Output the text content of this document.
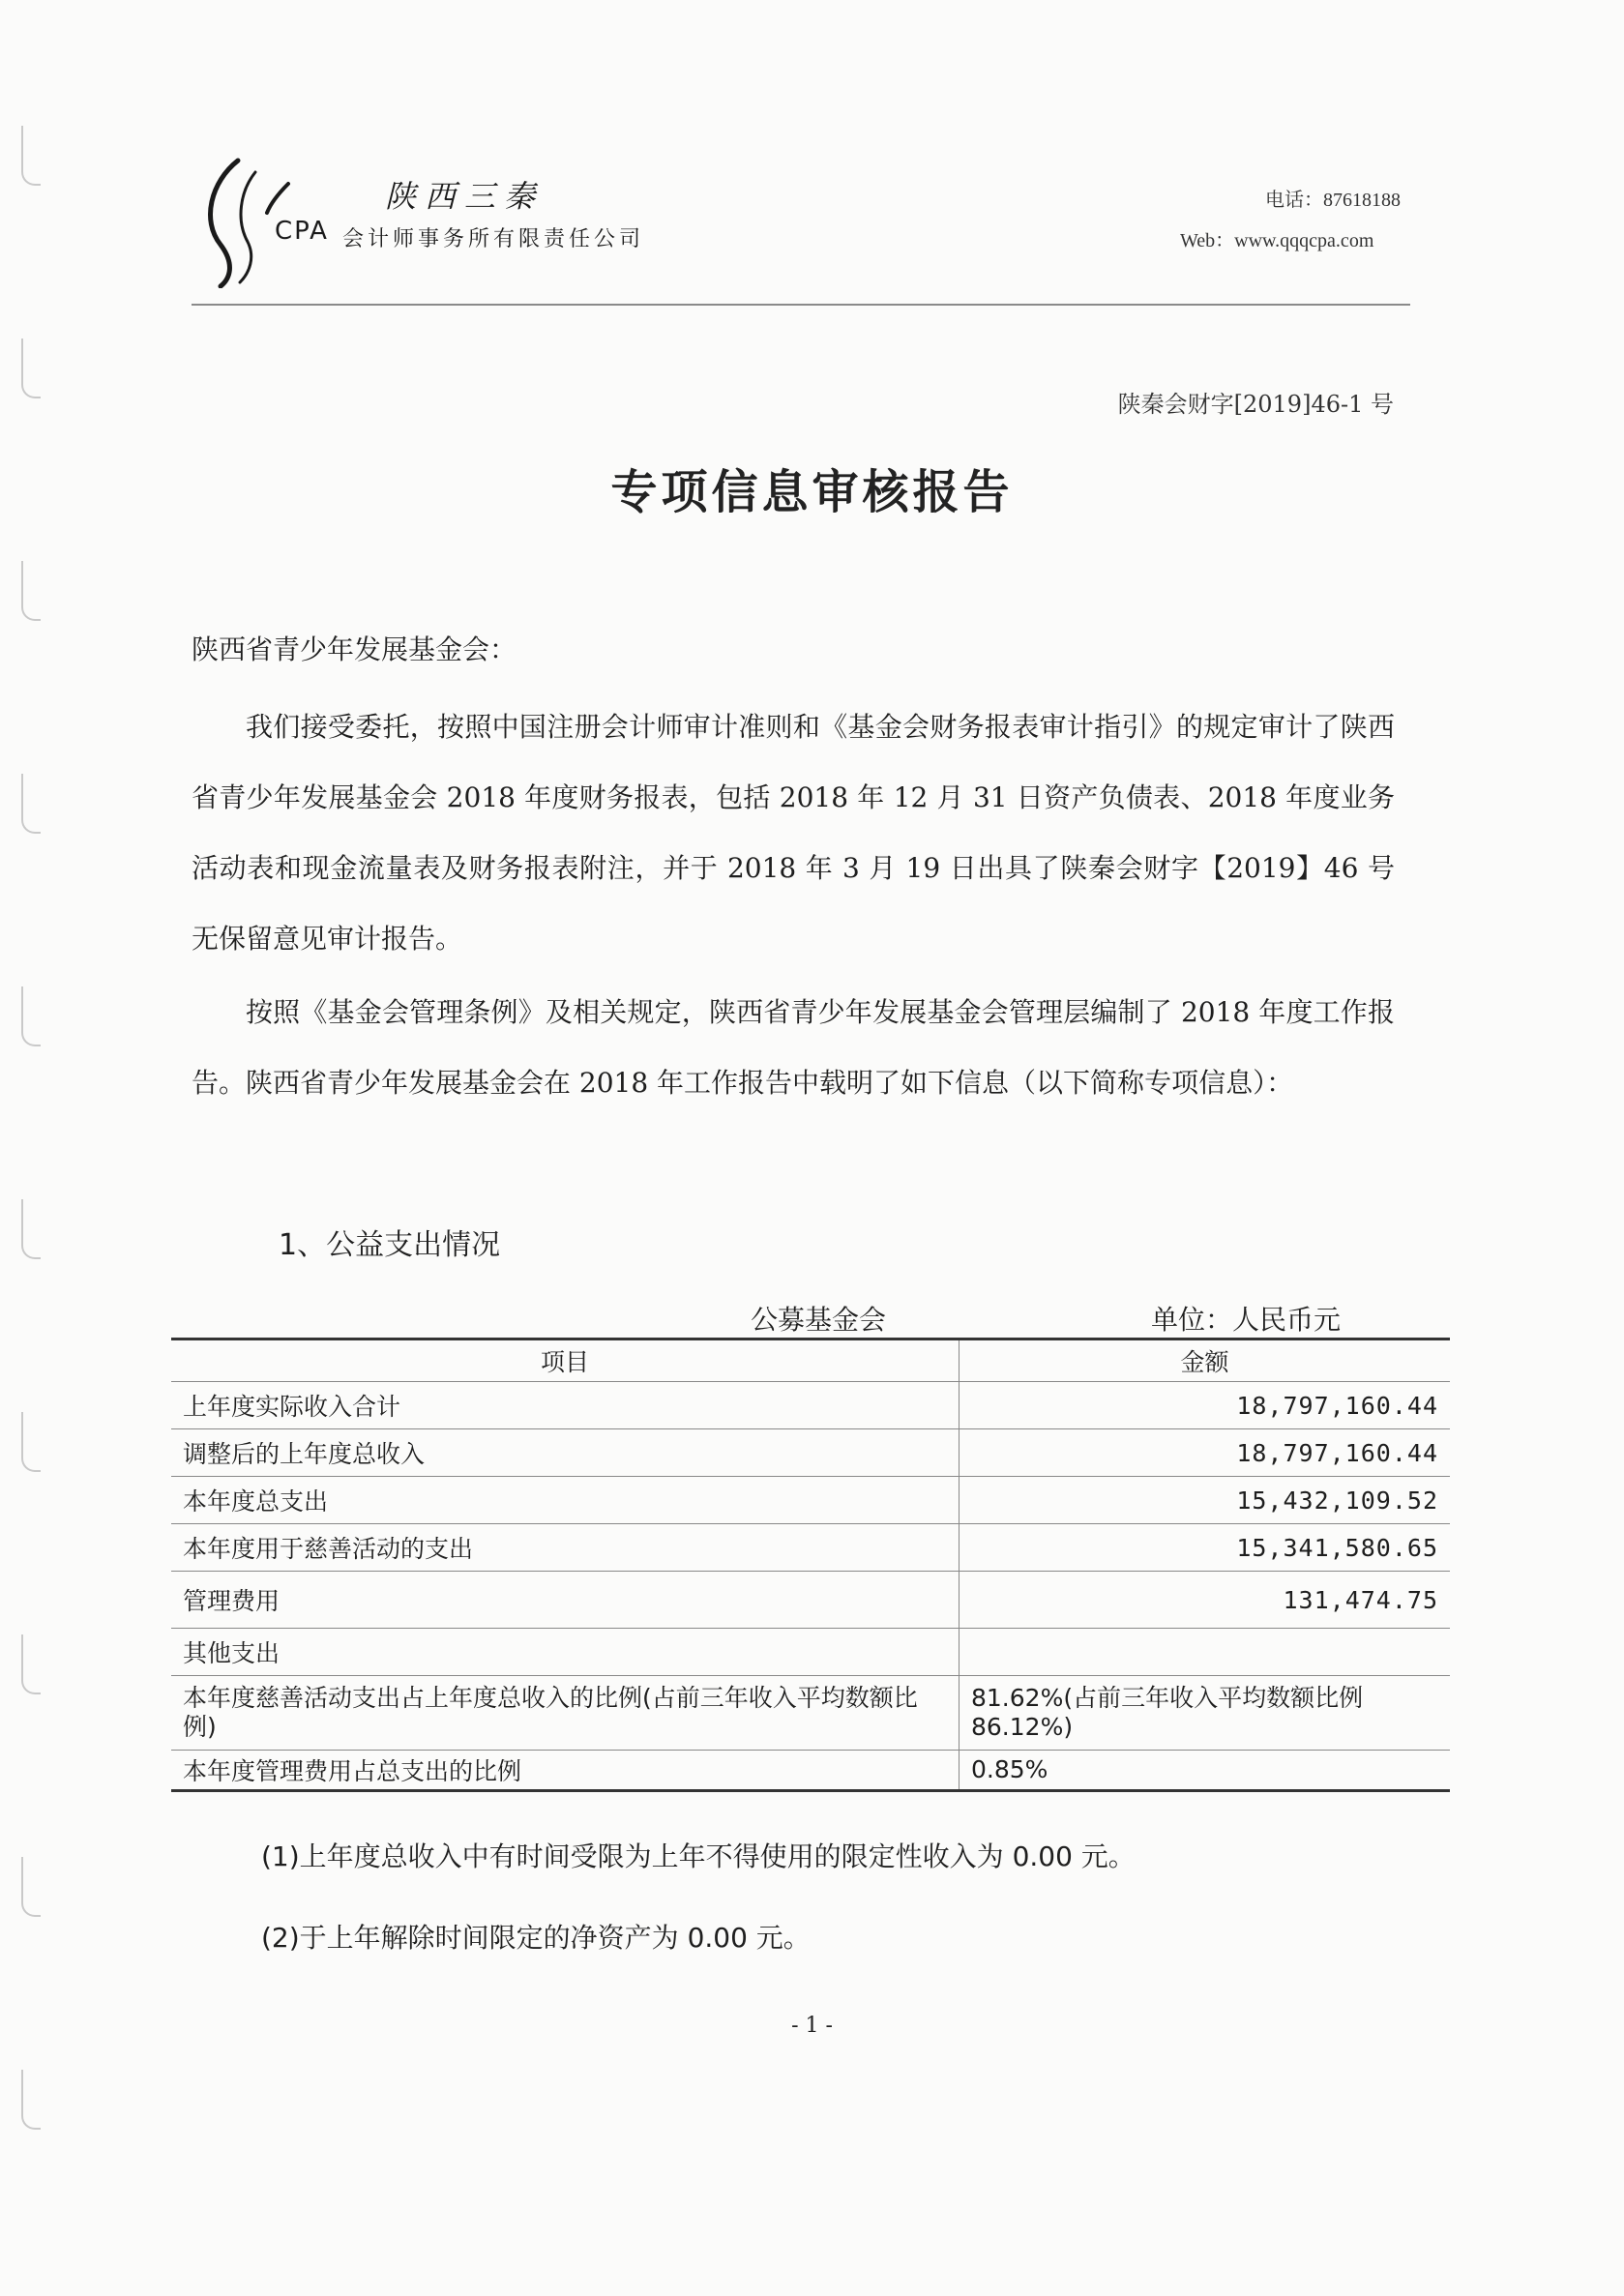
陕西三秦
CPA 会计师事务所有限责任公司
电话：87618188
Web：www.qqqcpa.com
陕秦会财字[2019]46-1 号
专项信息审核报告
陕西省青少年发展基金会：

我们接受委托，按照中国注册会计师审计准则和《基金会财务报表审计指引》的规定审计了陕西省青少年发展基金会 2018 年度财务报表，包括 2018 年 12 月 31 日资产负债表、2018 年度业务活动表和现金流量表及财务报表附注，并于 2018 年 3 月 19 日出具了陕秦会财字【2019】46 号无保留意见审计报告。

按照《基金会管理条例》及相关规定，陕西省青少年发展基金会管理层编制了 2018 年度工作报告。陕西省青少年发展基金会在 2018 年工作报告中载明了如下信息（以下简称专项信息）：

1、公益支出情况
公募基金会	单位：人民币元
项目	金额
上年度实际收入合计	18,797,160.44
调整后的上年度总收入	18,797,160.44
本年度总支出	15,432,109.52
本年度用于慈善活动的支出	15,341,580.65
管理费用	131,474.75
其他支出	
本年度慈善活动支出占上年度总收入的比例(占前三年收入平均数额比例)	81.62%(占前三年收入平均数额比例86.12%)
本年度管理费用占总支出的比例	0.85%
(1)上年度总收入中有时间受限为上年不得使用的限定性收入为 0.00 元。
(2)于上年解除时间限定的净资产为 0.00 元。
- 1 -
